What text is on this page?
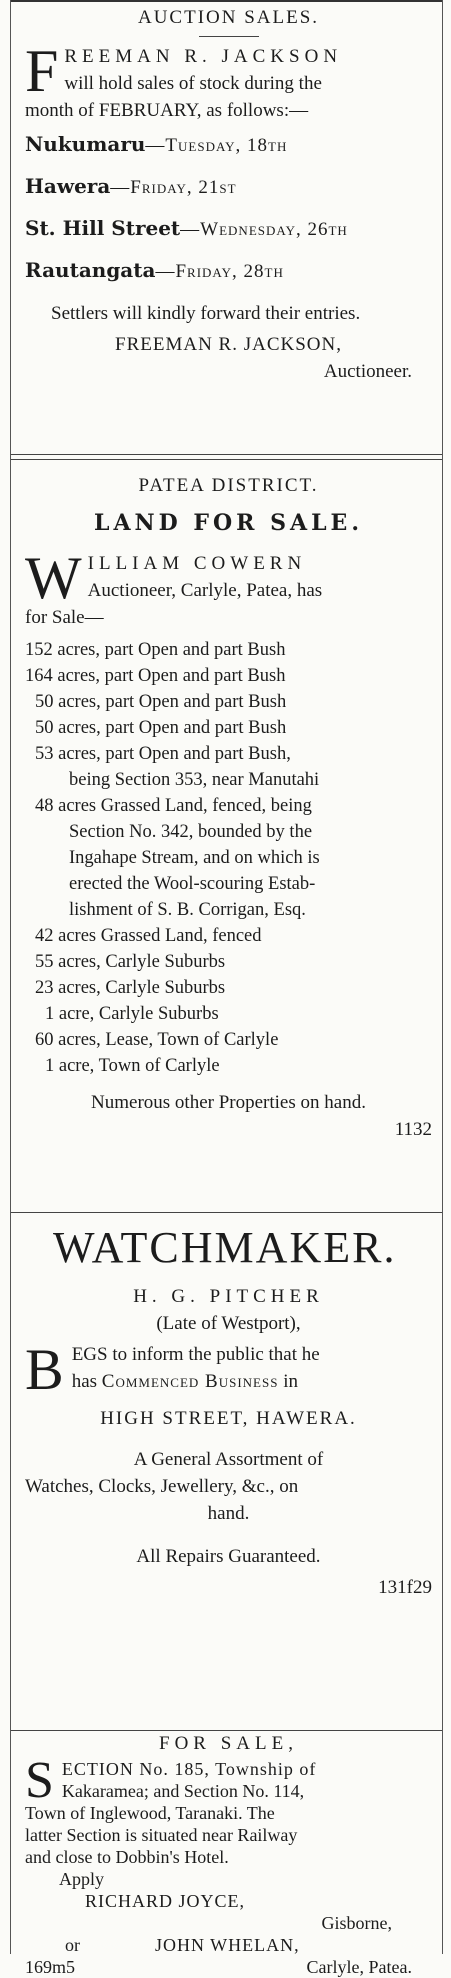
AUCTION SALES.
F REEMAN R. JACKSON
will hold sales of stock during the
month of FEBRUARY, as follows:—
Nukumaru—Tuesday, 18th
Hawera—Friday, 21st
St. Hill Street—Wednesday, 26th
Rautangata—Friday, 28th
Settlers will kindly forward their entries.
FREEMAN R. JACKSON,
Auctioneer.
PATEA DISTRICT.
LAND FOR SALE.
W ILLIAM COWERN
Auctioneer, Carlyle, Patea, has
for Sale—
152 acres, part Open and part Bush
164 acres, part Open and part Bush
50 acres, part Open and part Bush
50 acres, part Open and part Bush
53 acres, part Open and part Bush,
being Section 353, near Manutahi
48 acres Grassed Land, fenced, being
Section No. 342, bounded by the
Ingahape Stream, and on which is
erected the Wool-scouring Estab-
lishment of S. B. Corrigan, Esq.
42 acres Grassed Land, fenced
55 acres, Carlyle Suburbs
23 acres, Carlyle Suburbs
1 acre, Carlyle Suburbs
60 acres, Lease, Town of Carlyle
1 acre, Town of Carlyle
Numerous other Properties on hand.
1132
WATCHMAKER.
H. G. PITCHER
(Late of Westport),
B EGS to inform the public that he
has Commenced Business in
HIGH STREET, HAWERA.
A General Assortment of
Watches, Clocks, Jewellery, &c., on
hand.
All Repairs Guaranteed.
131f29
FOR SALE,
S ECTION No. 185, Township of
Kakaramea; and Section No. 114,
Town of Inglewood, Taranaki. The
latter Section is situated near Railway
and close to Dobbin's Hotel.
Apply
RICHARD JOYCE,
Gisborne,
or	JOHN WHELAN,
169m5	Carlyle, Patea.
